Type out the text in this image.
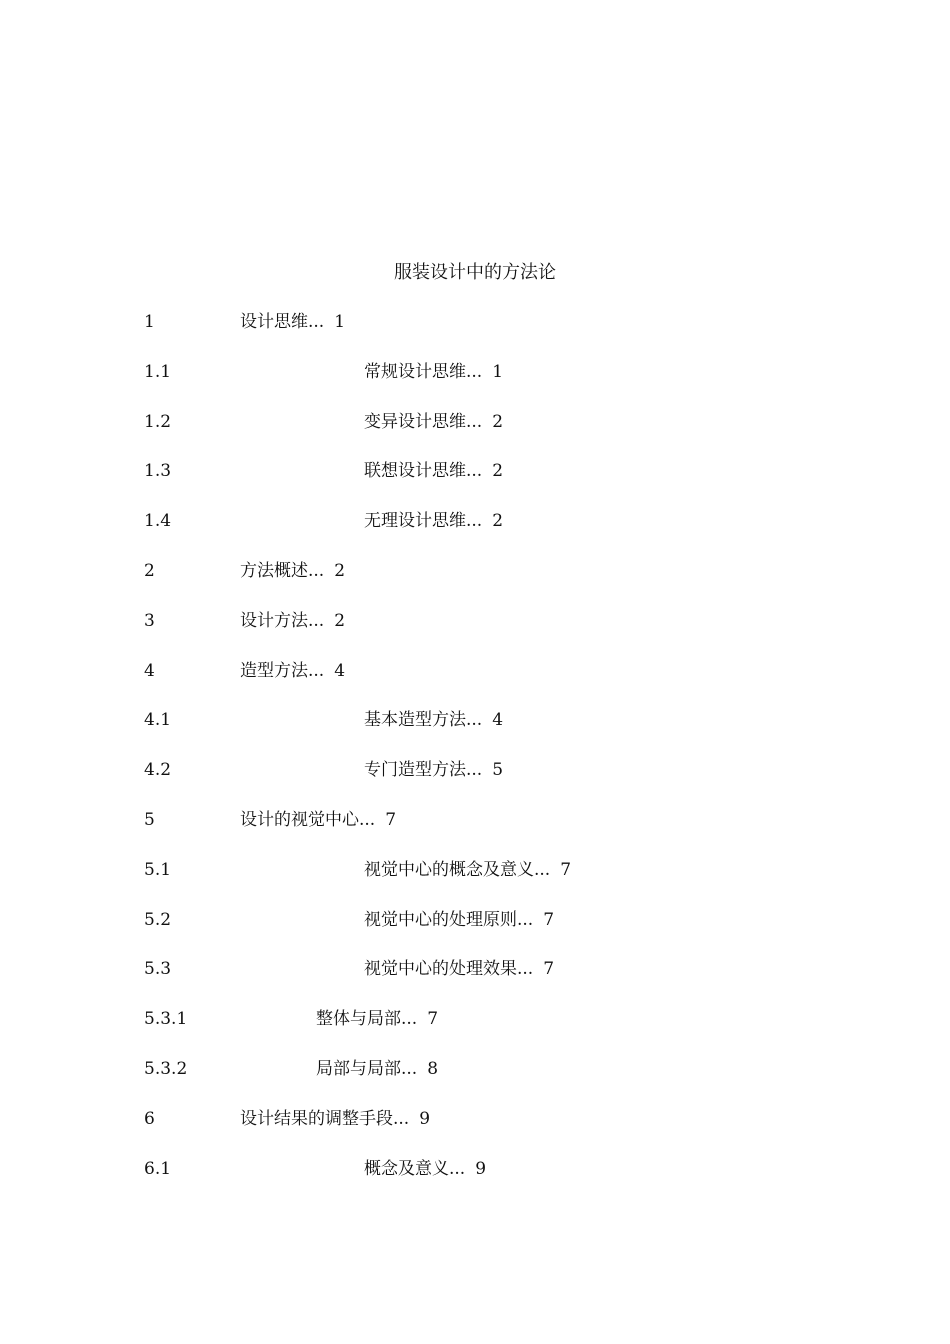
服装设计中的方法论
1	设计思维... 1
1.1	常规设计思维... 1
1.2	变异设计思维... 2
1.3	联想设计思维... 2
1.4	无理设计思维... 2
2	方法概述... 2
3	设计方法... 2
4	造型方法... 4
4.1	基本造型方法... 4
4.2	专门造型方法... 5
5	设计的视觉中心... 7
5.1	视觉中心的概念及意义... 7
5.2	视觉中心的处理原则... 7
5.3	视觉中心的处理效果... 7
5.3.1	整体与局部... 7
5.3.2	局部与局部... 8
6	设计结果的调整手段... 9
6.1	概念及意义... 9
